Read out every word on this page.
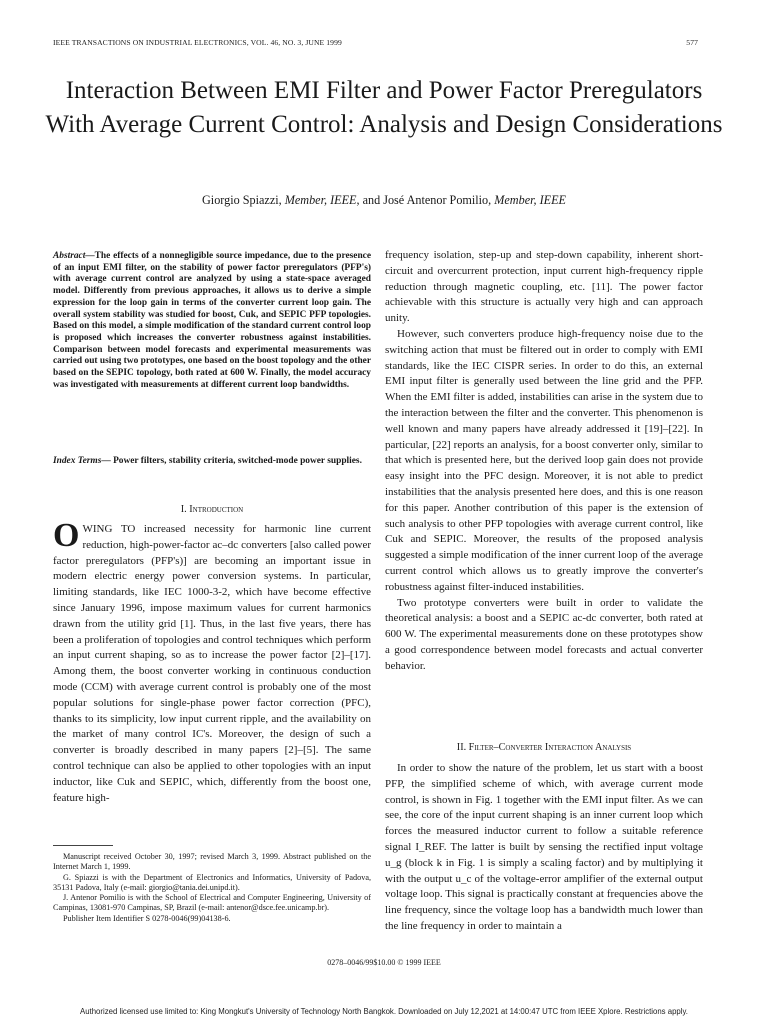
IEEE TRANSACTIONS ON INDUSTRIAL ELECTRONICS, VOL. 46, NO. 3, JUNE 1999	577
Interaction Between EMI Filter and Power Factor Preregulators With Average Current Control: Analysis and Design Considerations
Giorgio Spiazzi, Member, IEEE, and José Antenor Pomilio, Member, IEEE
Abstract—The effects of a nonnegligible source impedance, due to the presence of an input EMI filter, on the stability of power factor preregulators (PFP's) with average current control are analyzed by using a state-space averaged model. Differently from previous approaches, it allows us to derive a simple expression for the loop gain in terms of the converter current loop gain. The overall system stability was studied for boost, Cuk, and SEPIC PFP topologies. Based on this model, a simple modification of the standard current control loop is proposed which increases the converter robustness against instabilities. Comparison between model forecasts and experimental measurements was carried out using two prototypes, one based on the boost topology and the other based on the SEPIC topology, both rated at 600 W. Finally, the model accuracy was investigated with measurements at different current loop bandwidths.
Index Terms— Power filters, stability criteria, switched-mode power supplies.
I. Introduction
OWING TO increased necessity for harmonic line current reduction, high-power-factor ac–dc converters [also called power factor preregulators (PFP's)] are becoming an important issue in modern electric energy power conversion systems. In particular, limiting standards, like IEC 1000-3-2, which have become effective since January 1996, impose maximum values for current harmonics drawn from the utility grid [1]. Thus, in the last five years, there has been a proliferation of topologies and control techniques which perform an input current shaping, so as to increase the power factor [2]–[17]. Among them, the boost converter working in continuous conduction mode (CCM) with average current control is probably one of the most popular solutions for single-phase power factor correction (PFC), thanks to its simplicity, low input current ripple, and the availability on the market of many control IC's. Moreover, the design of such a converter is broadly described in many papers [2]–[5]. The same control technique can also be applied to other topologies with an input inductor, like Cuk and SEPIC, which, differently from the boost one, feature high-

Manuscript received October 30, 1997; revised March 3, 1999. Abstract published on the Internet March 1, 1999.

G. Spiazzi is with the Department of Electronics and Informatics, University of Padova, 35131 Padova, Italy (e-mail: giorgio@tania.dei.unipd.it).

J. Antenor Pomilio is with the School of Electrical and Computer Engineering, University of Campinas, 13081-970 Campinas, SP, Brazil (e-mail: antenor@dsce.fee.unicamp.br).

Publisher Item Identifier S 0278-0046(99)04138-6.

frequency isolation, step-up and step-down capability, inherent short-circuit and overcurrent protection, input current high-frequency ripple reduction through magnetic coupling, etc. [11]. The power factor achievable with this structure is actually very high and can approach unity.

However, such converters produce high-frequency noise due to the switching action that must be filtered out in order to comply with EMI standards, like the IEC CISPR series. In order to do this, an external EMI input filter is generally used between the line grid and the PFP. When the EMI filter is added, instabilities can arise in the system due to the interaction between the filter and the converter. This phenomenon is well known and many papers have already addressed it [19]–[22]. In particular, [22] reports an analysis, for a boost converter only, similar to that which is presented here, but the derived loop gain does not provide easy insight into the PFC design. Moreover, it is not able to predict instabilities that the analysis presented here does, and this is one reason for this paper. Another contribution of this paper is the extension of such analysis to other PFP topologies with average current control, like Cuk and SEPIC. Moreover, the results of the proposed analysis suggested a simple modification of the inner current loop of the average current control which allows us to greatly improve the converter's robustness against filter-induced instabilities.

Two prototype converters were built in order to validate the theoretical analysis: a boost and a SEPIC ac-dc converter, both rated at 600 W. The experimental measurements done on these prototypes show a good correspondence between model forecasts and actual converter behavior.

II. Filter–Converter Interaction Analysis

In order to show the nature of the problem, let us start with a boost PFP, the simplified scheme of which, with average current mode control, is shown in Fig. 1 together with the EMI input filter. As we can see, the core of the input current shaping is an inner current loop which forces the measured inductor current to follow a suitable reference signal I_REF. The latter is built by sensing the rectified input voltage u_g (block k in Fig. 1 is simply a scaling factor) and by multiplying it with the output u_c of the voltage-error amplifier of the external output voltage loop. This signal is practically constant at frequencies above the line frequency, since the voltage loop has a bandwidth much lower than the line frequency in order to maintain a

0278–0046/99$10.00 © 1999 IEEE
Authorized licensed use limited to: King Mongkut's University of Technology North Bangkok. Downloaded on July 12,2021 at 14:00:47 UTC from IEEE Xplore. Restrictions apply.
